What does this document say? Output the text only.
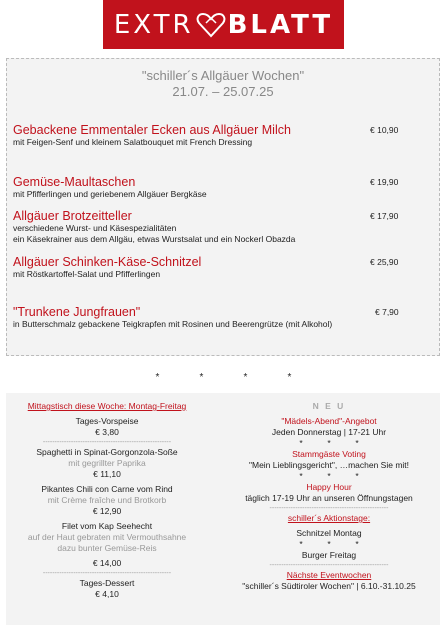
EXTR BLATT
"schiller´s Allgäuer Wochen"
21.07. – 25.07.25
Gebackene Emmentaler Ecken aus Allgäuer Milch
mit Feigen-Senf und kleinem Salatbouquet mit French Dressing
€ 10,90
Gemüse-Maultaschen
mit Pfifferlingen und geriebenem Allgäuer Bergkäse
€ 19,90
Allgäuer Brotzeitteller
verschiedene Wurst- und Käsespezialitäten
ein Käsekrainer aus dem Allgäu, etwas Wurstsalat und ein Nockerl Obazda
€ 17,90
Allgäuer Schinken-Käse-Schnitzel
mit Röstkartoffel-Salat und Pfifferlingen
€ 25,90
"Trunkene Jungfrauen"
in Butterschmalz gebackene Teigkrapfen mit Rosinen und Beerengrütze (mit Alkohol)
€ 7,90
*	*	*	*
Mittagstisch diese Woche: Montag-Freitag
Tages-Vorspeise
€ 3,80
-------------------------------------------------------
Spaghetti in Spinat-Gorgonzola-Soße
mit gegrillter Paprika
€ 11,10
Pikantes Chili con Carne vom Rind
mit Crème fraîche und Brotkorb
€ 12,90
Filet vom Kap Seehecht
auf der Haut gebraten mit Vermouthsahne
dazu bunter Gemüse-Reis
€ 14,00
-------------------------------------------------------
Tages-Dessert
€ 4,10
N E U
"Mädels-Abend"-Angebot
Jeden Donnerstag | 17-21 Uhr
*	*	*
Stammgäste Voting
"Mein Lieblingsgericht", …machen Sie mit!
*	*	*
Happy Hour
täglich 17-19 Uhr an unseren Öffnungstagen
---------------------------------------------------
schiller´s Aktionstage:
Schnitzel Montag
*	*	*
Burger Freitag
---------------------------------------------------
Nächste Eventwochen
"schiller´s Südtiroler Wochen" | 6.10.-31.10.25
